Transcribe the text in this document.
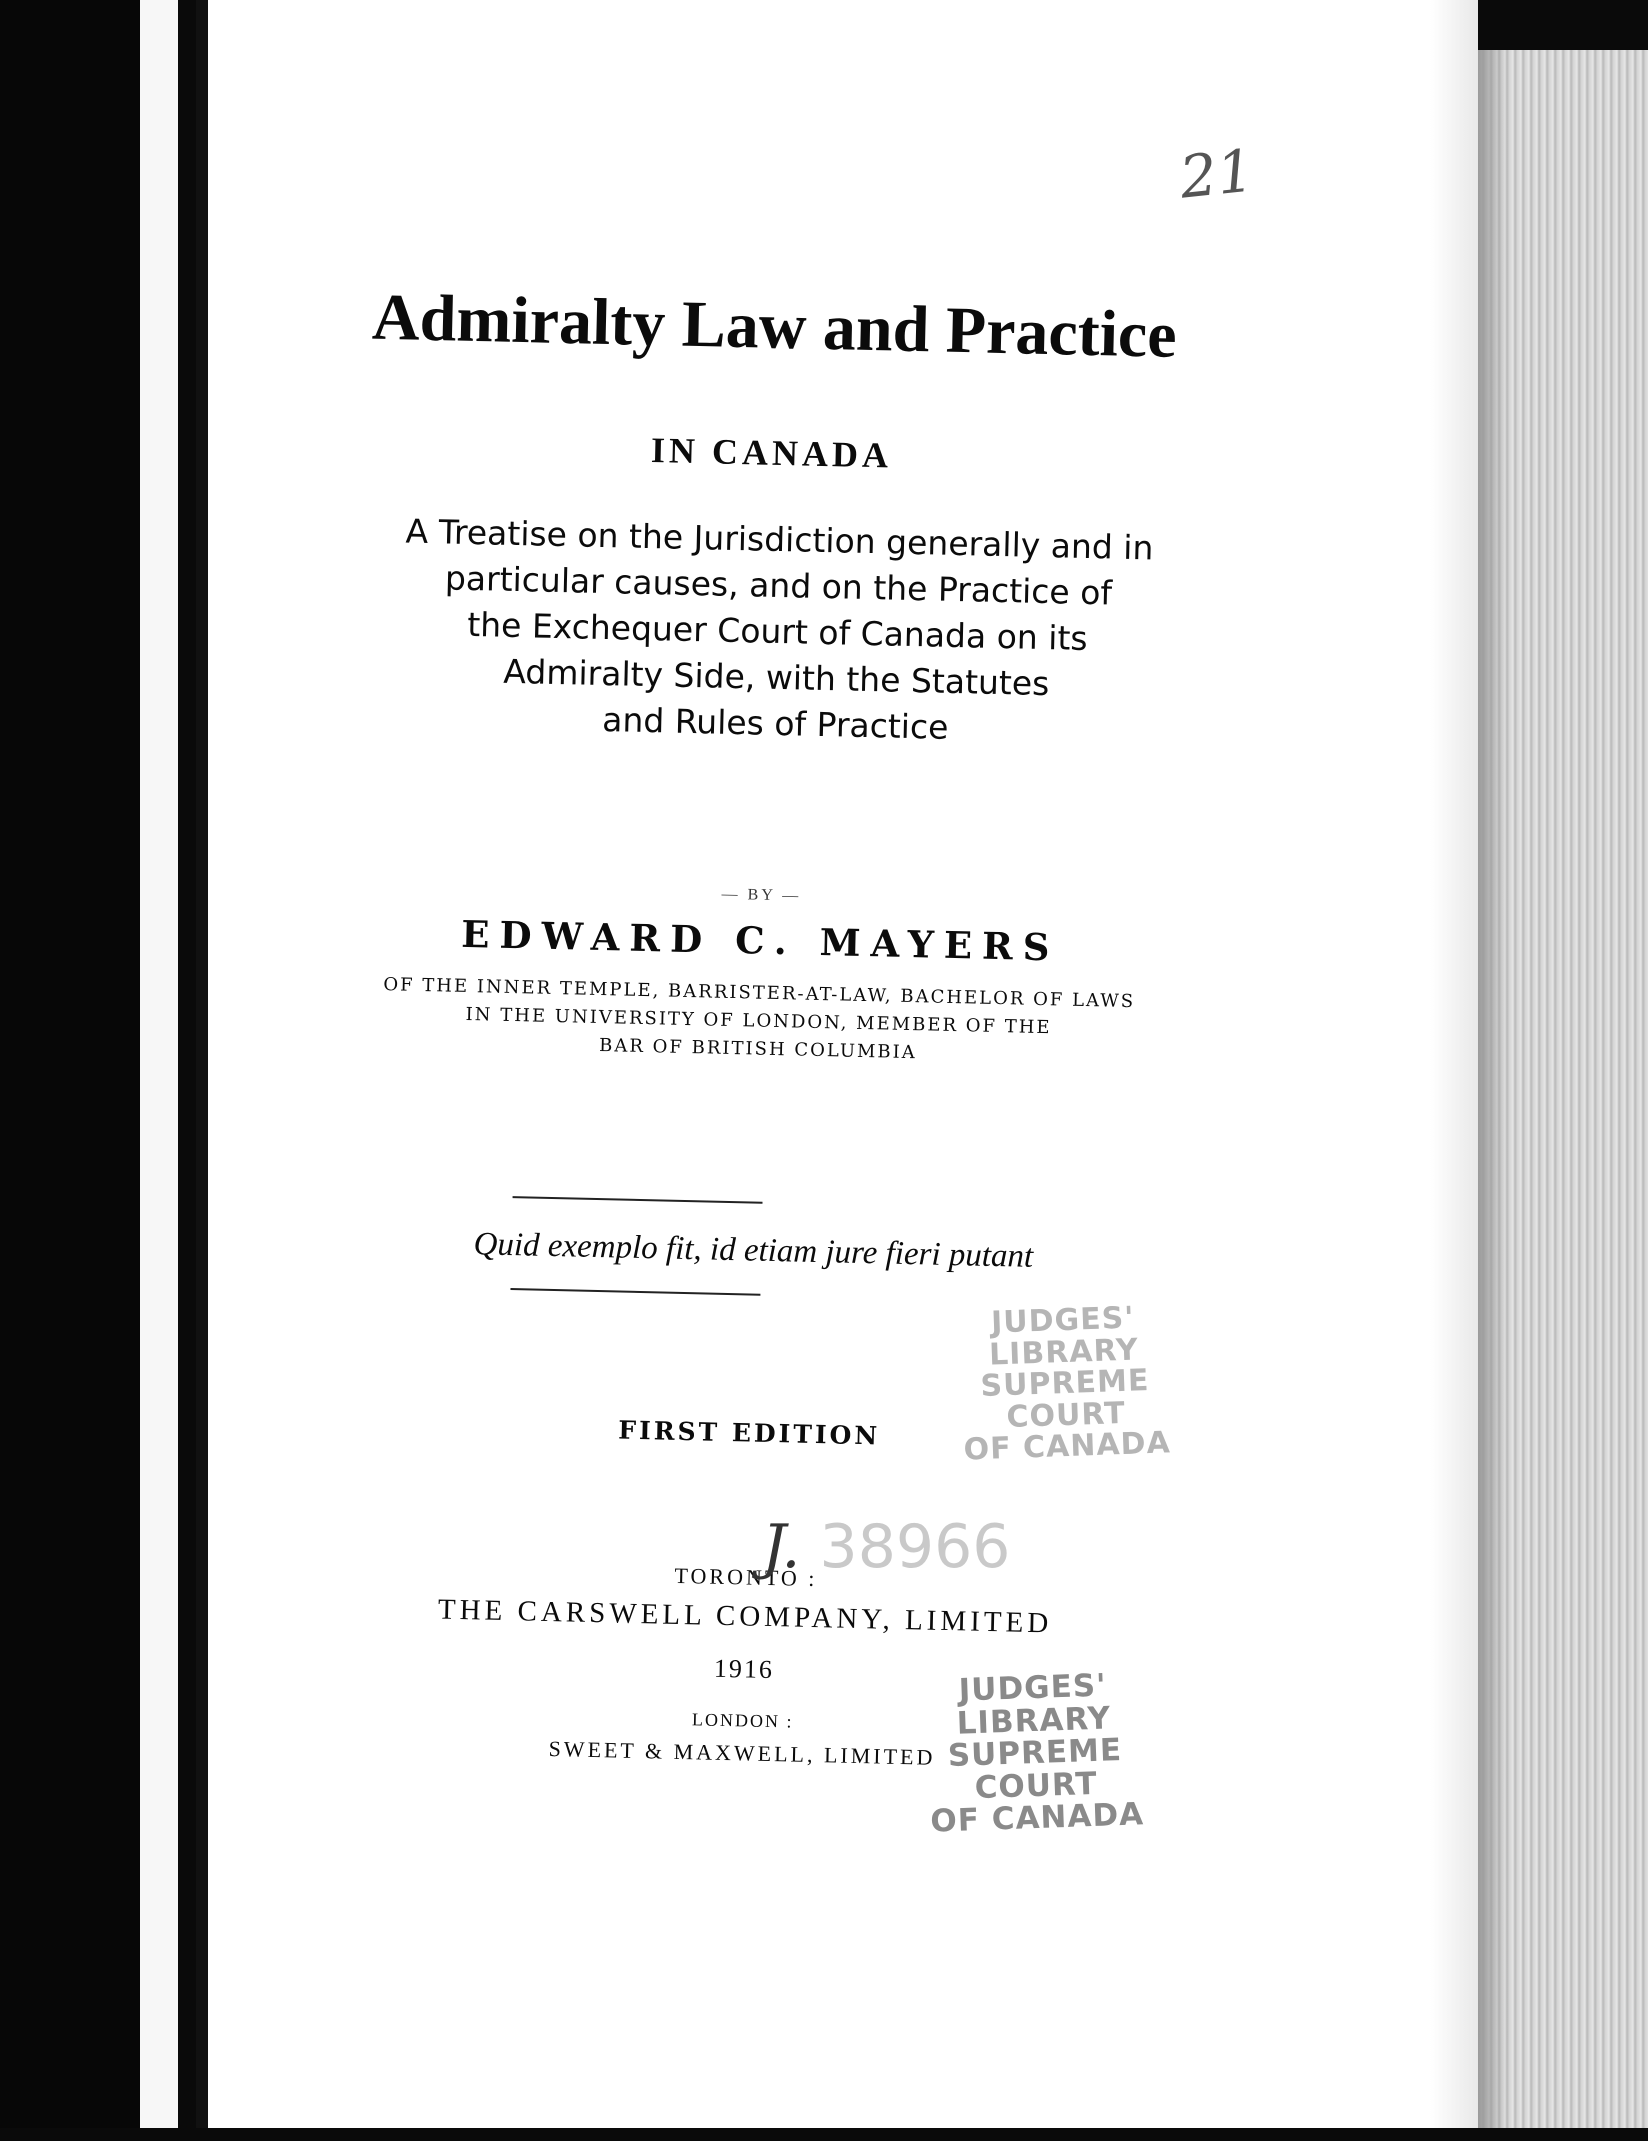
21
Admiralty Law and Practice
IN CANADA
A Treatise on the Jurisdiction generally and in
particular causes, and on the Practice of
the Exchequer Court of Canada on its
Admiralty Side, with the Statutes
and Rules of Practice
— BY —
EDWARD C. MAYERS
OF THE INNER TEMPLE, BARRISTER-AT-LAW, BACHELOR OF LAWS
IN THE UNIVERSITY OF LONDON, MEMBER OF THE
BAR OF BRITISH COLUMBIA
Quid exemplo fit, id etiam jure fieri putant
FIRST EDITION
TORONTO :
THE CARSWELL COMPANY, LIMITED
1916
LONDON :
SWEET & MAXWELL, LIMITED
J. 38966
JUDGES' LIBRARY
SUPREME COURT
OF CANADA
JUDGES' LIBRARY
SUPREME COURT
OF CANADA
